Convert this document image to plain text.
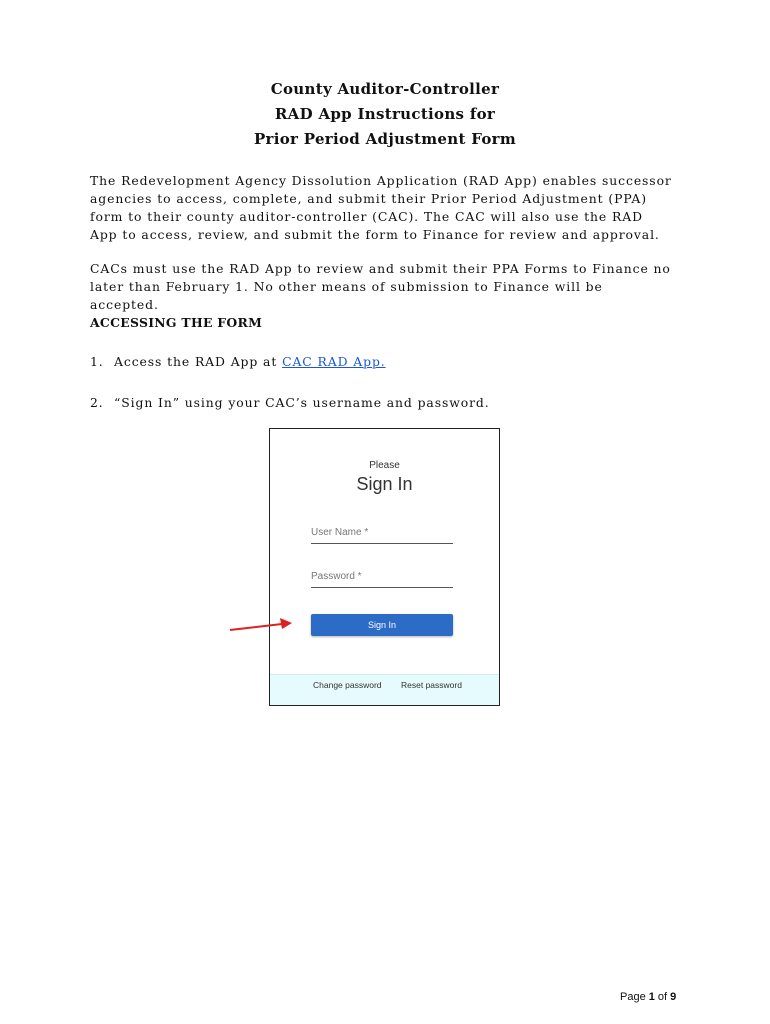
County Auditor-Controller
RAD App Instructions for
Prior Period Adjustment Form
The Redevelopment Agency Dissolution Application (RAD App) enables successor agencies to access, complete, and submit their Prior Period Adjustment (PPA) form to their county auditor-controller (CAC). The CAC will also use the RAD App to access, review, and submit the form to Finance for review and approval.
CACs must use the RAD App to review and submit their PPA Forms to Finance no later than February 1. No other means of submission to Finance will be accepted.
ACCESSING THE FORM
1. Access the RAD App at CAC RAD App.
2. “Sign In” using your CAC’s username and password.
Please
Sign In
User Name *
Password *
Sign In
Change password Reset password
Page 1 of 9
